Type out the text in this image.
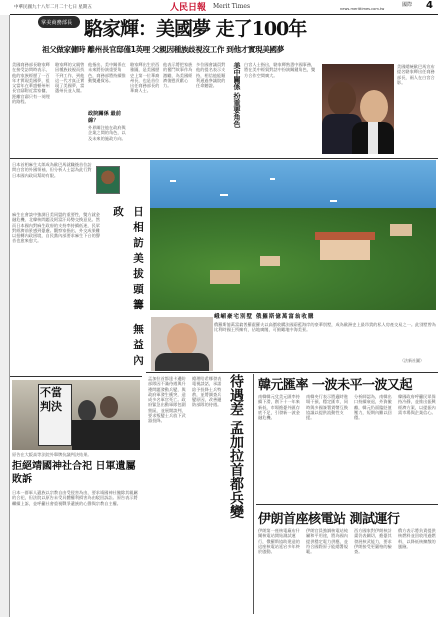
中華民國九十八年二月二十七日 星期五	人民日報 Merit Times	news.merittimes.com.tw
國際 4
掌美商務部長 駱家輝：美國夢 走了100年
祖父做家傭時 離州長官邸僅1英哩 父親因種族歧視沒工作 到他才實現美國夢
美國商務部長駱家輝在接受訪問時表示，他的家族經歷了一百年才實現美國夢，祖父當年在華盛頓州州長官邸附近當家傭，距離官邸只有一英哩的路程。
駱家輝的父親曾因種族歧視而找不到工作，到他這一代才真正實現了美國夢，當選州長並入閣。
他指出，美中關係在未來將扮演重要角色，商務部將持續推動雙邊貿易。
政院關係 最前線？
外界關注他在政府與企業之間的角色，以及未來的施政方向。
駱家輝出生於西雅圖，是美國歷史上第一位華裔州長，也是首位出任商務部長的華裔人士。
他表示將把家族的奮鬥故事作為激勵，為美國經濟復甦貢獻心力。
多位國會議員對他的提名表示支持，相信他能順利通過參議院的任命聽證。	美中關係 扮重要角色 白宮人士指出，駱家輝熟悉中國事務，將在美中經貿對話中扮演關鍵角色，雙方合作空間廣大。
美國總統歐巴馬宣布提名駱家輝出任商務部長，兩人在白宮合影。
日本首相麻生太郎成為歐巴馬就職後首位訪問白宮的外國領袖，但分析人士認為此行對日本國內政局幫助有限。
麻生在會談中強調日美同盟的重要性，雙方就金融危機、北韓核問題及阿富汗局勢交換意見。然而日本國內對麻生政府的支持率持續低迷，民眾對經濟前景感到憂慮。觀察家指出，外交成果難以扭轉內政困境，自民黨內部要求麻生下台的聲音也愈來愈大。	日相訪美拔頭籌 無益內政
不當判決
原告在大阪高等法院外舉牌抗議判決結果。
拒絕靖國神社合祀 日軍遺屬敗訴
日本一群軍人遺族以宗教自由受侵害為由，要求靖國神社撤除其親屬的合祀，但法院以原告未受具體權利損害為由駁回訴訟。原告表示將繼續上訴，並呼籲社會重視戰爭遺族的心聲與宗教自主權。
峨嵋豪宅別墅 俄羅斯億萬富翁收購
俄羅斯億萬富翁普羅霍羅夫以高價收購法國蔚藍海岸的豪華別墅，成為歐洲史上最昂貴的私人房產交易之一。此別墅曾為比利時國王所擁有，佔地廣闊，可俯瞰地中海美景。
（法新社圖）
孟加拉首都達卡邊防部隊因不滿待遇與升遷問題發動兵變，與政府軍發生衝突，造成多名軍官死亡。政府緊急出動軍隊包圍營區，並展開談判，要求叛變士兵放下武器投降。
總理哈希娜發表電視談話，承諾給予投降士兵特赦，並將調查兵變原因，改善邊防部隊的待遇。 待遇差 孟加拉首都兵變	韓元匯率 一波未平一波又起
南韓韓元兌美元匯率持續下滑，創下十一年來新低，市場擔憂外匯存底不足，引發新一波金融危機。
南韓央行表示將適時進場干預，穩定匯市，同時與多國簽署貨幣互換協議以提供流動性支援。
分析師認為，南韓出口持續衰退，外資撤離，韓元仍面臨貶值壓力，短期內難以回穩。
韓國政府呼籲民眾保持冷靜，並推出振興經濟方案，以提振內需市場與企業信心。
伊朗首座核電站 測試運行
伊朗第一座核電廠布什爾核電站開始測試運行，俄羅斯協助建造的這座核電站延宕多年終於啟動。
伊朗官員強調核電站純屬和平用途，將為國內提供穩定電力供應，並符合國際原子能總署規範。
西方國家對伊朗核計畫仍表關切，擔憂其發展核武能力，要求伊朗接受更嚴格的檢查。
俄方表示將負責提供核燃料並回收用過燃料，以降低核擴散的風險。
